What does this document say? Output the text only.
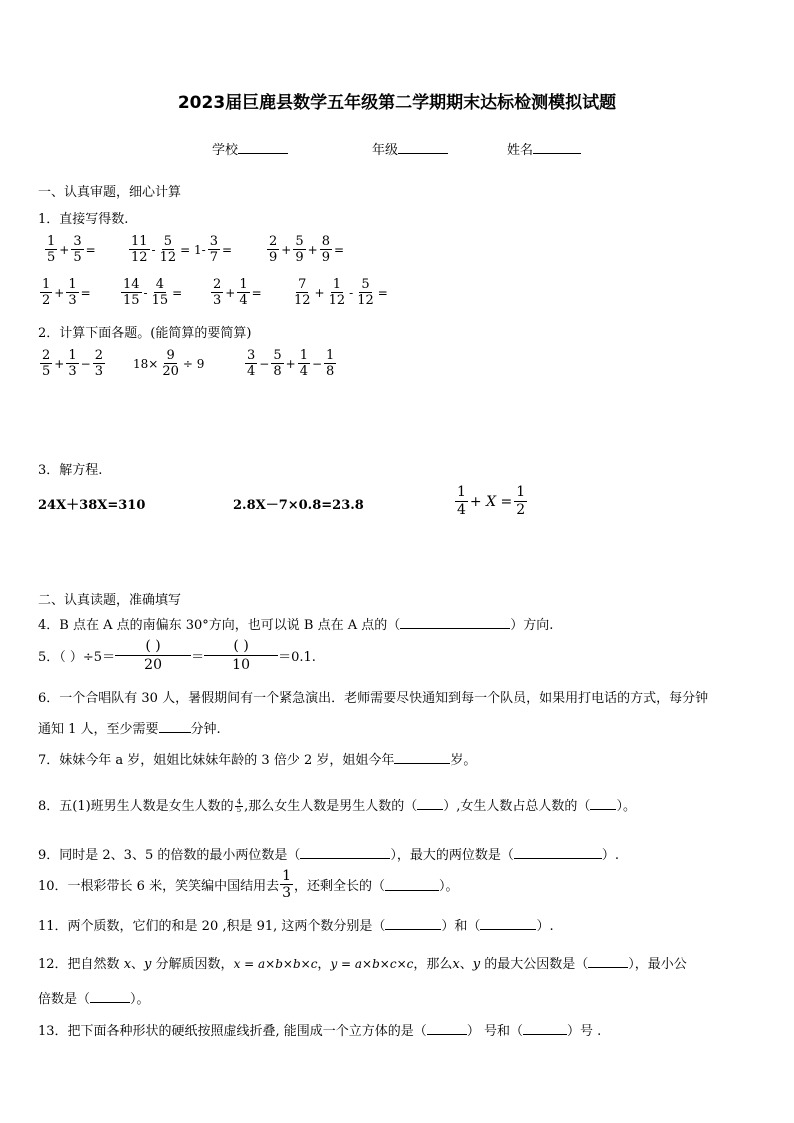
2023届巨鹿县数学五年级第二学期期末达标检测模拟试题
学校	年级	姓名
一、认真审题，细心计算
1．直接写得数.
1
5
+ $\frac{3}{5}$ =
11
12
- $\frac{5}{12} = 1- \frac{3}{7}$ =
2
9
+ $\frac{5}{9} + \frac{8}{9}$ =
1
2
+ $\frac{1}{3}$ =
14
15
- $\frac{4}{15}$ =
2
3
+ $\frac{1}{4}$ =
7
12
+ $\frac{1}{12} - \frac{5}{12}$ =
2．计算下面各题。(能简算的要简算)
2
5
+ $\frac{1}{3} - \frac{2}{3} 18\times \frac{9}{20} \div 9$
3
4
− $\frac{5}{8} + \frac{1}{4} - \frac{1}{8}$
3．解方程.
24X＋38X=310	2.8X－7×0.8=23.8
1
4
+ $X = \frac{1}{2}$
二、认真读题，准确填写
4．B 点在 A 点的南偏东 30°方向，也可以说 B 点在 A 点的（	）方向.
5．（ ）÷5＝
( )
20	＝
( )
10	＝0.1.
6．一个合唱队有 30 人，暑假期间有一个紧急演出．老师需要尽快通知到每一个队员，如果用打电话的方式，每分钟
通知 1 人，至少需要 分钟.
7．妹妹今年 a 岁，姐姐比妹妹年龄的 3 倍少 2 岁，姐姐今年	岁。
8．五(1)班男生人数是女生人数的 $\frac{4}{5}$ ,那么女生人数是男生人数的（ ）,女生人数占总人数的（ ）。
9．同时是 2、3、5 的倍数的最小两位数是（	），最大的两位数是（	）.
10．一根彩带长 6 米，笑笑编中国结用去
1
3 ，还剩全长的（	）。
11．两个质数，它们的和是 20 ,积是 91, 这两个数分别是（	）和（	）.
12．把自然数 x、y 分解质因数，x = a×b×b×c，y = a×b×c×c，那么x、y 的最大公因数是（	），最小公
倍数是（	）。
13．把下面各种形状的硬纸按照虚线折叠, 能围成一个立方体的是（	） 号和（	）号 .
